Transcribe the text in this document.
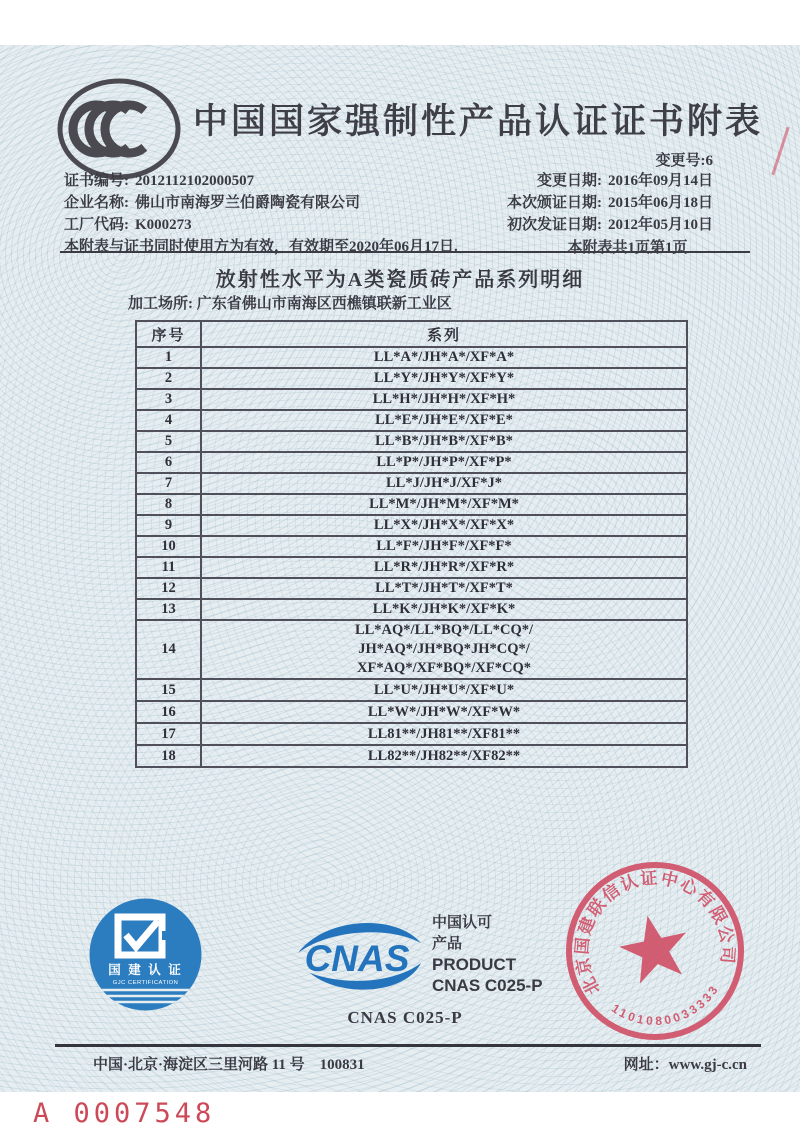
中国国家强制性产品认证证书附表
变更号:6
证书编号: 2012112102000507
企业名称: 佛山市南海罗兰伯爵陶瓷有限公司
工厂代码: K000273
本附表与证书同时使用方为有效，有效期至2020年06月17日.
变更日期: 2016年09月14日
本次颁证日期: 2015年06月18日
初次发证日期: 2012年05月10日
本附表共1页第1页
放射性水平为A类瓷质砖产品系列明细
加工场所: 广东省佛山市南海区西樵镇联新工业区
序号	系列
1	LL*A*/JH*A*/XF*A*
2	LL*Y*/JH*Y*/XF*Y*
3	LL*H*/JH*H*/XF*H*
4	LL*E*/JH*E*/XF*E*
5	LL*B*/JH*B*/XF*B*
6	LL*P*/JH*P*/XF*P*
7	LL*J/JH*J/XF*J*
8	LL*M*/JH*M*/XF*M*
9	LL*X*/JH*X*/XF*X*
10	LL*F*/JH*F*/XF*F*
11	LL*R*/JH*R*/XF*R*
12	LL*T*/JH*T*/XF*T*
13	LL*K*/JH*K*/XF*K*
14	LL*AQ*/LL*BQ*/LL*CQ*/
JH*AQ*/JH*BQ*JH*CQ*/
XF*AQ*/XF*BQ*/XF*CQ*

15	LL*U*/JH*U*/XF*U*
16	LL*W*/JH*W*/XF*W*
17	LL81**/JH81**/XF81**
18	LL82**/JH82**/XF82**
国 建 认 证
GJC CERTIFICATION
CNAS
中国认可
产品
PRODUCT
CNAS C025-P
CNAS C025-P
北京国建联信认证中心有限公司
1101080033333
中国·北京·海淀区三里河路 11 号　100831	网址：www.gj-c.cn
A 0007548
